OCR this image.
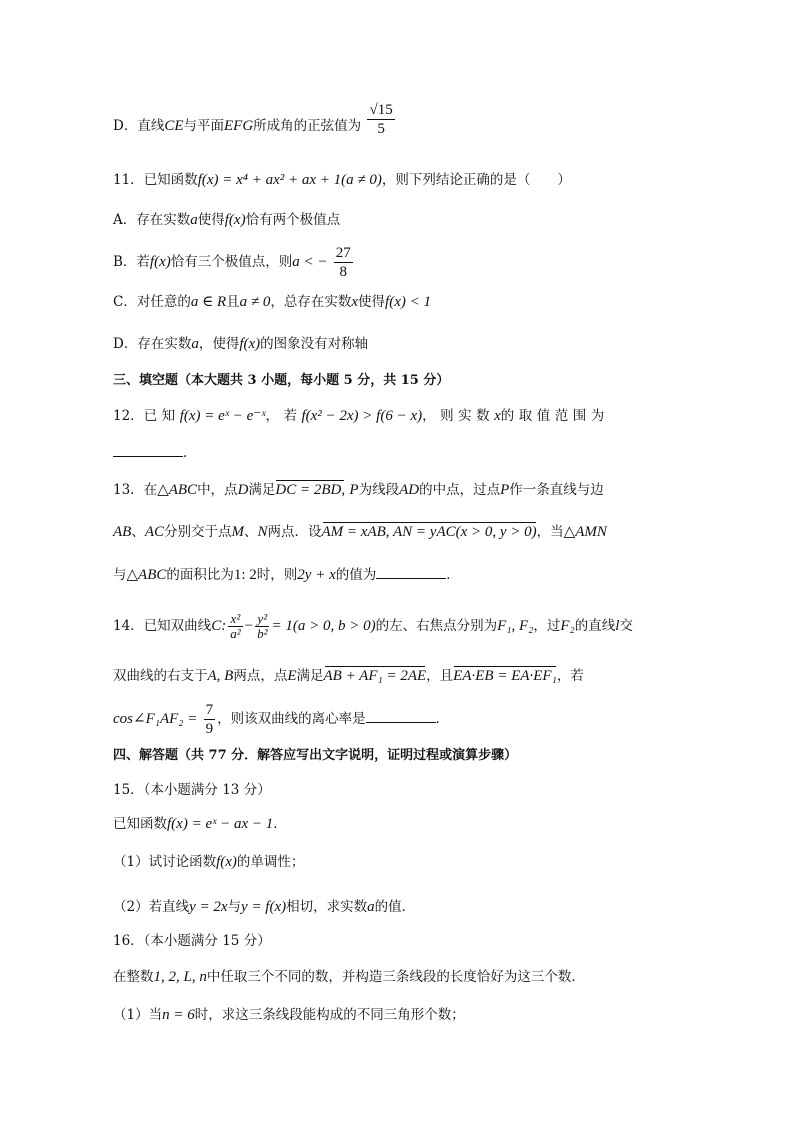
D．直线CE与平面EFG所成角的正弦值为 $\frac{√15}{5}$
11．已知函数f(x) = x⁴ + ax² + ax + 1(a ≠ 0)，则下列结论正确的是（　　）
A．存在实数a使得f(x)恰有两个极值点
B．若f(x)恰有三个极值点，则a < − $\frac{27}{8}$
C．对任意的a ∈ R且a ≠ 0，总存在实数x使得f(x) < 1
D．存在实数a，使得f(x)的图象没有对称轴
三、填空题（本大题共 3 小题，每小题 5 分，共 15 分）
12．已知f(x) = eˣ − e⁻ˣ，若f(x² − 2x) > f(6 − x)，则实数x的取值范围为
.
13．在△ABC中，点D满足DC = 2BD, P为线段AD的中点，过点P作一条直线与边
AB、AC分别交于点M、N两点．设AM = xAB, AN = yAC(x > 0, y > 0)，当△AMN
与△ABC的面积比为1: 2时，则2y + x的值为	．
14．已知双曲线C: $\frac{\text{x²}}{\text{a²}} - \frac{\text{y²}}{\text{b²}} = 1(a > 0$, b > 0)的左、右焦点分别为F₁, F₂，过F₂的直线l交
双曲线的右支于A, B两点，点E满足AB + AF₁ = 2AE，且EA·EB = EA·EF₁，若
cos∠F₁AF₂ = $\frac{7}{9}$ ，则该双曲线的离心率是	．
四、解答题（共 77 分．解答应写出文字说明，证明过程或演算步骤）
15．（本小题满分 13 分）
已知函数f(x) = eˣ − ax − 1．
（1）试讨论函数f(x)的单调性；
（2）若直线y = 2x与y = f(x)相切，求实数a的值．
16．（本小题满分 15 分）
在整数1, 2, L, n中任取三个不同的数，并构造三条线段的长度恰好为这三个数．
（1）当n = 6时，求这三条线段能构成的不同三角形个数；
